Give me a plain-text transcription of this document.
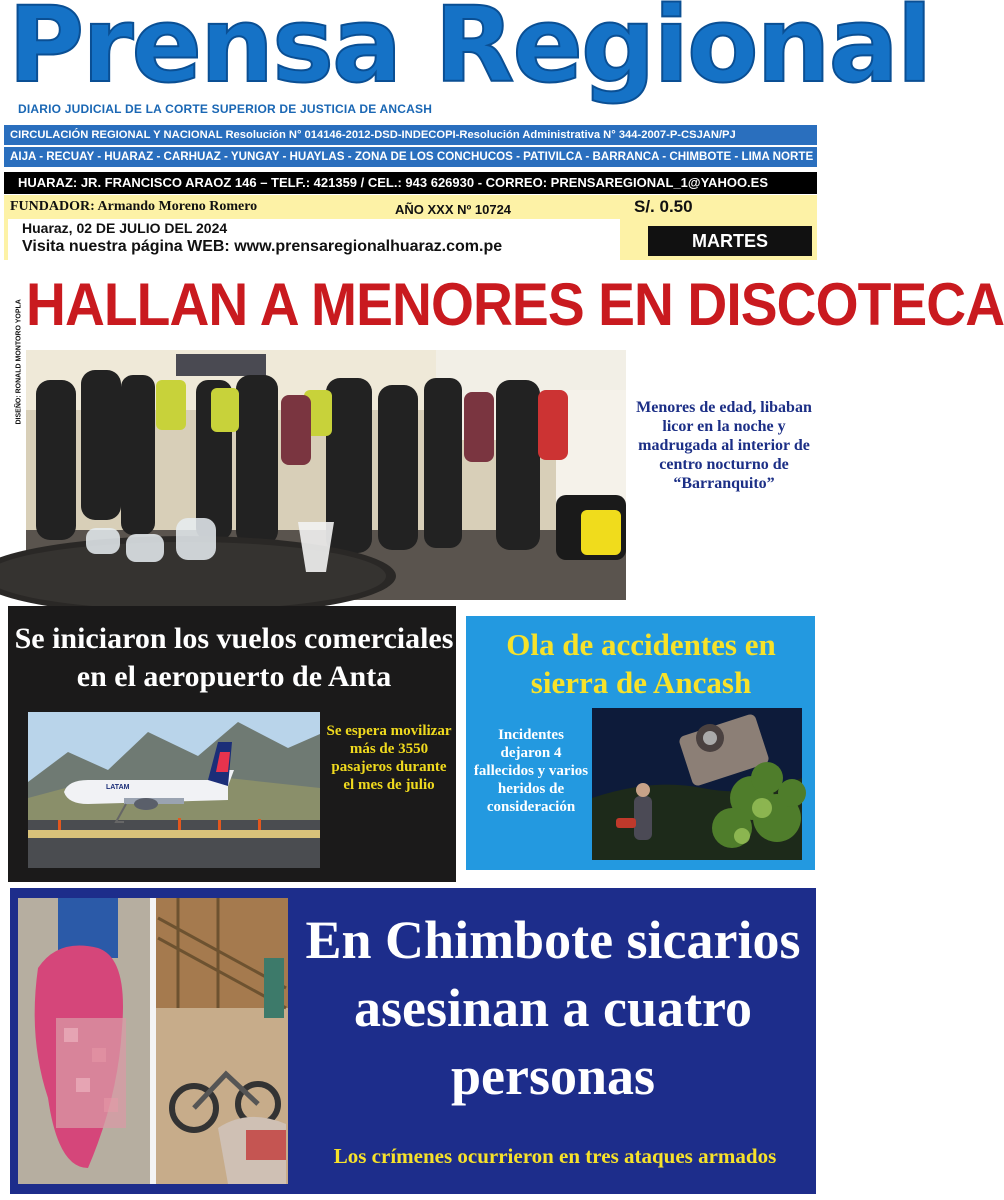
Prensa Regional
DIARIO JUDICIAL DE LA CORTE SUPERIOR DE JUSTICIA DE ANCASH
CIRCULACIÓN REGIONAL Y NACIONAL Resolución N° 014146-2012-DSD-INDECOPI-Resolución Administrativa N° 344-2007-P-CSJAN/PJ
AIJA - RECUAY - HUARAZ - CARHUAZ - YUNGAY - HUAYLAS - ZONA DE LOS CONCHUCOS - PATIVILCA - BARRANCA - CHIMBOTE - LIMA NORTE
HUARAZ: JR. FRANCISCO ARAOZ 146 – TELF.: 421359 / CEL.: 943 626930 - CORREO: PRENSAREGIONAL_1@YAHOO.ES
FUNDADOR: Armando Moreno Romero	AÑO XXX Nº 10724	S/. 0.50
Huaraz, 02 DE JULIO DEL 2024
Visita nuestra página WEB: www.prensaregionalhuaraz.com.pe	MARTES
DISEÑO: RONALD MONTORO YOPLA HALLAN A MENORES EN DISCOTECA
Menores de edad, libaban licor en la noche y madrugada al interior de centro nocturno de “Barranquito”
Se iniciaron los vuelos comerciales en el aeropuerto de Anta
LATAM
Se espera movilizar más de 3550 pasajeros durante el mes de julio
Ola de accidentes en sierra de Ancash
Incidentes dejaron 4 fallecidos y varios heridos de consideración
En Chimbote sicarios asesinan a cuatro personas
Los crímenes ocurrieron en tres ataques armados
